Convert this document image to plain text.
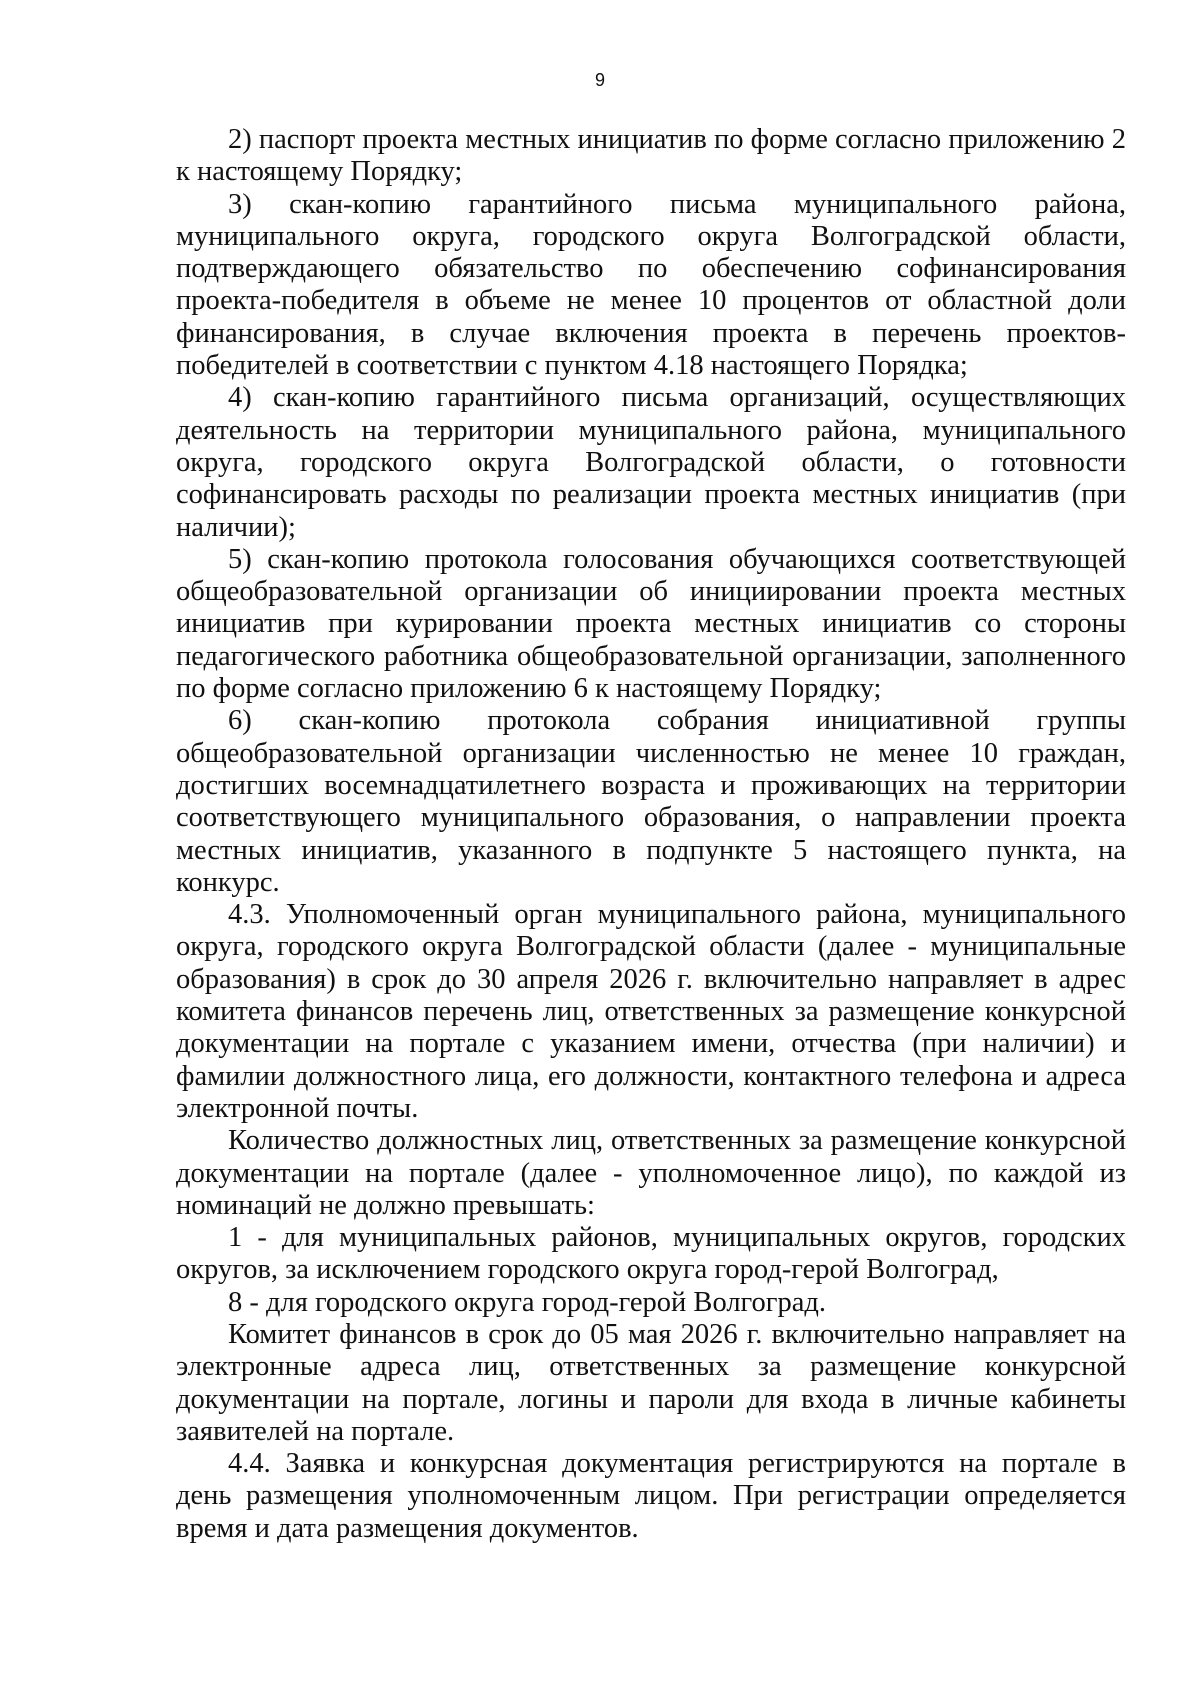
9

2) паспорт проекта местных инициатив по форме согласно приложению 2 к настоящему Порядку;

3) скан-копию гарантийного письма муниципального района, муниципального округа, городского округа Волгоградской области, подтверждающего обязательство по обеспечению софинансирования проекта-победителя в объеме не менее 10 процентов от областной доли финансирования, в случае включения проекта в перечень проектов-победителей в соответствии с пунктом 4.18 настоящего Порядка;

4) скан-копию гарантийного письма организаций, осуществляющих деятельность на территории муниципального района, муниципального округа, городского округа Волгоградской области, о готовности софинансировать расходы по реализации проекта местных инициатив (при наличии);

5) скан-копию протокола голосования обучающихся соответствующей общеобразовательной организации об инициировании проекта местных инициатив при курировании проекта местных инициатив со стороны педагогического работника общеобразовательной организации, заполненного по форме согласно приложению 6 к настоящему Порядку;

6) скан-копию протокола собрания инициативной группы общеобразовательной организации численностью не менее 10 граждан, достигших восемнадцатилетнего возраста и проживающих на территории соответствующего муниципального образования, о направлении проекта местных инициатив, указанного в подпункте 5 настоящего пункта, на конкурс.

4.3. Уполномоченный орган муниципального района, муниципального округа, городского округа Волгоградской области (далее - муниципальные образования) в срок до 30 апреля 2026 г. включительно направляет в адрес комитета финансов перечень лиц, ответственных за размещение конкурсной документации на портале с указанием имени, отчества (при наличии) и фамилии должностного лица, его должности, контактного телефона и адреса электронной почты.

Количество должностных лиц, ответственных за размещение конкурсной документации на портале (далее - уполномоченное лицо), по каждой из номинаций не должно превышать:

1 - для муниципальных районов, муниципальных округов, городских округов, за исключением городского округа город-герой Волгоград,

8 - для городского округа город-герой Волгоград.

Комитет финансов в срок до 05 мая 2026 г. включительно направляет на электронные адреса лиц, ответственных за размещение конкурсной документации на портале, логины и пароли для входа в личные кабинеты заявителей на портале.

4.4. Заявка и конкурсная документация регистрируются на портале в день размещения уполномоченным лицом. При регистрации определяется время и дата размещения документов.
